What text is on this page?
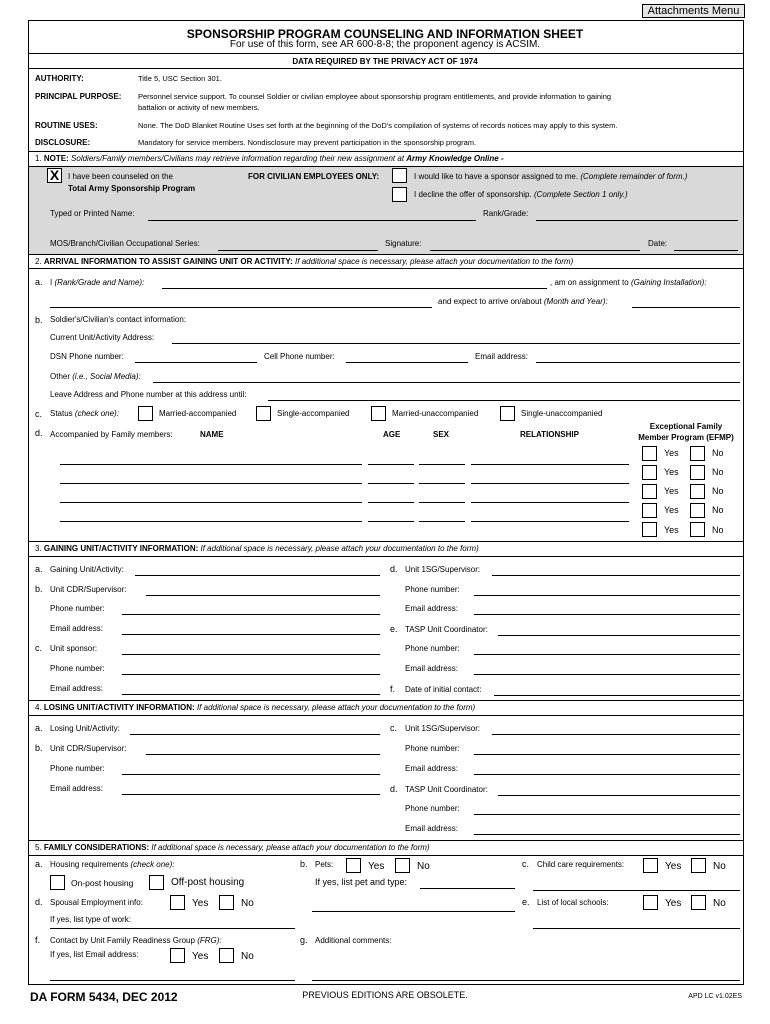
Attachments Menu
SPONSORSHIP PROGRAM COUNSELING AND INFORMATION SHEET
For use of this form, see AR 600-8-8; the proponent agency is ACSIM.
DATA REQUIRED BY THE PRIVACY ACT OF 1974
AUTHORITY:	Title 5, USC Section 301.
PRINCIPAL PURPOSE: Personnel service support. To counsel Soldier or civilian employee about sponsorship program entitlements, and provide information to gaining
battalion or activity of new members.
ROUTINE USES:	None. The DoD Blanket Routine Uses set forth at the beginning of the DoD's compilation of systems of records notices may apply to this system.
DISCLOSURE:	Mandatory for service members. Nondisclosure may prevent participation in the sponsorship program.
1. NOTE: Soldiers/Family members/Civilians may retrieve information regarding their new assignment at Army Knowledge Online -
X	I have been counseled on the
Total Army Sponsorship Program
FOR CIVILIAN EMPLOYEES ONLY:	I would like to have a sponsor assigned to me. (Complete remainder of form.)
I decline the offer of sponsorship. (Complete Section 1 only.)
Typed or Printed Name:	Rank/Grade:
MOS/Branch/Civilian Occupational Series:	Signature:	Date:
2. ARRIVAL INFORMATION TO ASSIST GAINING UNIT OR ACTIVITY: If additional space is necessary, please attach your documentation to the form)
a. I (Rank/Grade and Name):	, am on assignment to (Gaining Installation):
and expect to arrive on/about (Month and Year):
b. Soldier's/Civilian's contact information:
Current Unit/Activity Address:
DSN Phone number:	Cell Phone number:	Email address:
Other (i.e., Social Media):
Leave Address and Phone number at this address until:
c. Status (check one):	Married-accompanied	Single-accompanied	Married-unaccompanied	Single-unaccompanied
d. Accompanied by Family members:	NAME	AGE	SEX	RELATIONSHIP
Exceptional Family
Member Program (EFMP)
Yes	No
Yes	No
Yes	No
Yes	No
Yes	No
3. GAINING UNIT/ACTIVITY INFORMATION: If additional space is necessary, please attach your documentation to the form)
a. Gaining Unit/Activity:
b. Unit CDR/Supervisor:
Phone number:
Email address:
c. Unit sponsor:
Phone number:
Email address:
d. Unit 1SG/Supervisor:
Phone number:
Email address:
e. TASP Unit Coordinator:
Phone number:
Email address:
f. Date of initial contact:
4. LOSING UNIT/ACTIVITY INFORMATION: If additional space is necessary, please attach your documentation to the form)
a. Losing Unit/Activity:
b. Unit CDR/Supervisor:
Phone number:
Email address:
c. Unit 1SG/Supervisor:
Phone number:
Email address:
d. TASP Unit Coordinator:
Phone number:
Email address:
5. FAMILY CONSIDERATIONS: If additional space is necessary, please attach your documentation to the form)
a. Housing requirements (check one):
On-post housing	Off-post housing
b. Pets:	Yes	No
If yes, list pet and type:
c. Child care requirements:	Yes	No
d. Spousal Employment info:	Yes	No
If yes, list type of work:
e. List of local schools:	Yes	No
f. Contact by Unit Family Readiness Group (FRG):
If yes, list Email address:	Yes	No
g. Additional comments:
DA FORM 5434, DEC 2012	PREVIOUS EDITIONS ARE OBSOLETE.	APD LC v1.02ES
